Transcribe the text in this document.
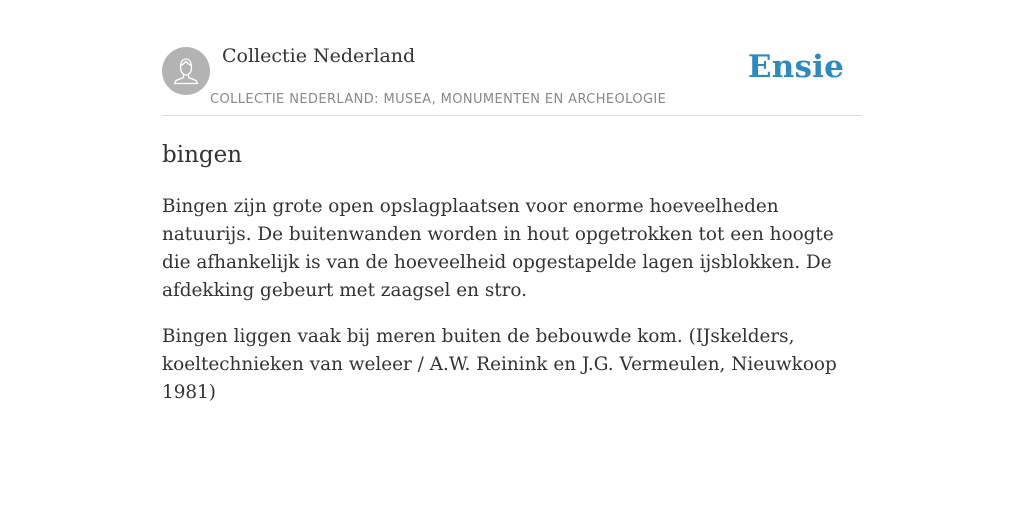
Collectie Nederland
COLLECTIE NEDERLAND: MUSEA, MONUMENTEN EN ARCHEOLOGIE
Ensie
bingen

Bingen zijn grote open opslagplaatsen voor enorme hoeveelheden natuurijs. De buitenwanden worden in hout opgetrokken tot een hoogte die afhankelijk is van de hoeveelheid opgestapelde lagen ijsblokken. De afdekking gebeurt met zaagsel en stro.

Bingen liggen vaak bij meren buiten de bebouwde kom. (IJskelders, koeltechnieken van weleer / A.W. Reinink en J.G. Vermeulen, Nieuwkoop 1981)
